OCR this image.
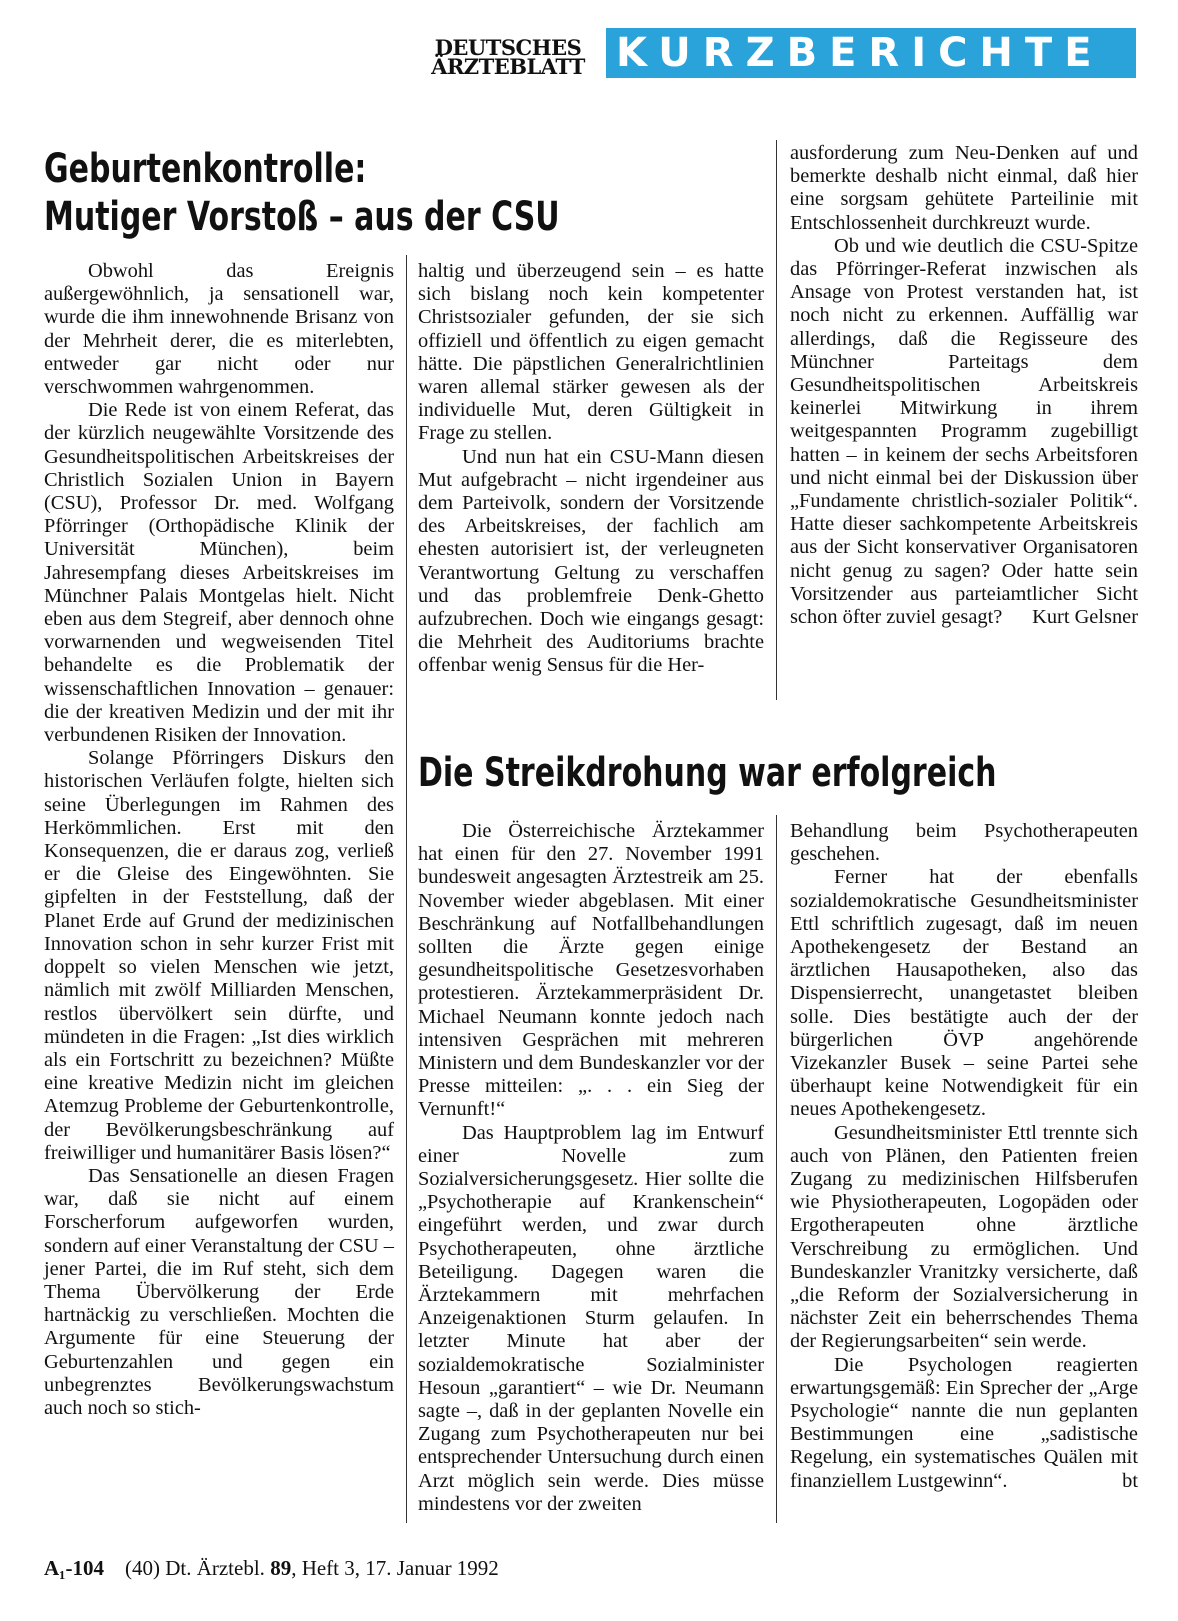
DEUTSCHES
ÄRZTEBLATT KURZBERICHTE
Geburtenkontrolle:
Mutiger Vorstoß – aus der CSU

Obwohl das Ereignis außergewöhnlich, ja sensationell war, wurde die ihm innewohnende Brisanz von der Mehrheit derer, die es miterlebten, entweder gar nicht oder nur verschwommen wahrgenommen.

Die Rede ist von einem Referat, das der kürzlich neugewählte Vorsitzende des Gesundheitspolitischen Arbeitskreises der Christlich Sozialen Union in Bayern (CSU), Professor Dr. med. Wolfgang Pförringer (Orthopädische Klinik der Universität München), beim Jahresempfang dieses Arbeitskreises im Münchner Palais Montgelas hielt. Nicht eben aus dem Stegreif, aber dennoch ohne vorwarnenden und wegweisenden Titel behandelte es die Problematik der wissenschaftlichen Innovation – genauer: die der kreativen Medizin und der mit ihr verbundenen Risiken der Innovation.

Solange Pförringers Diskurs den historischen Verläufen folgte, hielten sich seine Überlegungen im Rahmen des Herkömmlichen. Erst mit den Konsequenzen, die er daraus zog, verließ er die Gleise des Eingewöhnten. Sie gipfelten in der Feststellung, daß der Planet Erde auf Grund der medizinischen Innovation schon in sehr kurzer Frist mit doppelt so vielen Menschen wie jetzt, nämlich mit zwölf Milliarden Menschen, restlos übervölkert sein dürfte, und mündeten in die Fragen: „Ist dies wirklich als ein Fortschritt zu bezeichnen? Müßte eine kreative Medizin nicht im gleichen Atemzug Probleme der Geburtenkontrolle, der Bevölkerungsbeschränkung auf freiwilliger und humanitärer Basis lösen?“

Das Sensationelle an diesen Fragen war, daß sie nicht auf einem Forscherforum aufgeworfen wurden, sondern auf einer Veranstaltung der CSU – jener Partei, die im Ruf steht, sich dem Thema Übervölkerung der Erde hartnäckig zu verschließen. Mochten die Argumente für eine Steuerung der Geburtenzahlen und gegen ein unbegrenztes Bevölkerungswachstum auch noch so stich-

haltig und überzeugend sein – es hatte sich bislang noch kein kompetenter Christsozialer gefunden, der sie sich offiziell und öffentlich zu eigen gemacht hätte. Die päpstlichen Generalrichtlinien waren allemal stärker gewesen als der individuelle Mut, deren Gültigkeit in Frage zu stellen.

Und nun hat ein CSU-Mann diesen Mut aufgebracht – nicht irgendeiner aus dem Parteivolk, sondern der Vorsitzende des Arbeitskreises, der fachlich am ehesten autorisiert ist, der verleugneten Verantwortung Geltung zu verschaffen und das problemfreie Denk-Ghetto aufzubrechen. Doch wie eingangs gesagt: die Mehrheit des Auditoriums brachte offenbar wenig Sensus für die Her-

ausforderung zum Neu-Denken auf und bemerkte deshalb nicht einmal, daß hier eine sorgsam gehütete Parteilinie mit Entschlossenheit durchkreuzt wurde.

Ob und wie deutlich die CSU-Spitze das Pförringer-Referat inzwischen als Ansage von Protest verstanden hat, ist noch nicht zu erkennen. Auffällig war allerdings, daß die Regisseure des Münchner Parteitags dem Gesundheitspolitischen Arbeitskreis keinerlei Mitwirkung in ihrem weitgespannten Programm zugebilligt hatten – in keinem der sechs Arbeitsforen und nicht einmal bei der Diskussion über „Fundamente christlich-sozialer Politik“. Hatte dieser sachkompetente Arbeitskreis aus der Sicht konservativer Organisatoren nicht genug zu sagen? Oder hatte sein Vorsitzender aus parteiamtlicher Sicht schon öfter zuviel gesagt? Kurt Gelsner

Die Streikdrohung war erfolgreich

Die Österreichische Ärztekammer hat einen für den 27. November 1991 bundesweit angesagten Ärztestreik am 25. November wieder abgeblasen. Mit einer Beschränkung auf Notfallbehandlungen sollten die Ärzte gegen einige gesundheitspolitische Gesetzesvorhaben protestieren. Ärztekammerpräsident Dr. Michael Neumann konnte jedoch nach intensiven Gesprächen mit mehreren Ministern und dem Bundeskanzler vor der Presse mitteilen: „. . . ein Sieg der Vernunft!“

Das Hauptproblem lag im Entwurf einer Novelle zum Sozialversicherungsgesetz. Hier sollte die „Psychotherapie auf Krankenschein“ eingeführt werden, und zwar durch Psychotherapeuten, ohne ärztliche Beteiligung. Dagegen waren die Ärztekammern mit mehrfachen Anzeigenaktionen Sturm gelaufen. In letzter Minute hat aber der sozialdemokratische Sozialminister Hesoun „garantiert“ – wie Dr. Neumann sagte –, daß in der geplanten Novelle ein Zugang zum Psychotherapeuten nur bei entsprechender Untersuchung durch einen Arzt möglich sein werde. Dies müsse mindestens vor der zweiten

Behandlung beim Psychotherapeuten geschehen.

Ferner hat der ebenfalls sozialdemokratische Gesundheitsminister Ettl schriftlich zugesagt, daß im neuen Apothekengesetz der Bestand an ärztlichen Hausapotheken, also das Dispensierrecht, unangetastet bleiben solle. Dies bestätigte auch der der bürgerlichen ÖVP angehörende Vizekanzler Busek – seine Partei sehe überhaupt keine Notwendigkeit für ein neues Apothekengesetz.

Gesundheitsminister Ettl trennte sich auch von Plänen, den Patienten freien Zugang zu medizinischen Hilfsberufen wie Physiotherapeuten, Logopäden oder Ergotherapeuten ohne ärztliche Verschreibung zu ermöglichen. Und Bundeskanzler Vranitzky versicherte, daß „die Reform der Sozialversicherung in nächster Zeit ein beherrschendes Thema der Regierungsarbeiten“ sein werde.

Die Psychologen reagierten erwartungsgemäß: Ein Sprecher der „Arge Psychologie“ nannte die nun geplanten Bestimmungen eine „sadistische Regelung, ein systematisches Quälen mit finanziellem Lustgewinn“.	bt

A₁-104 (40) Dt. Ärztebl. 89, Heft 3, 17. Januar 1992
